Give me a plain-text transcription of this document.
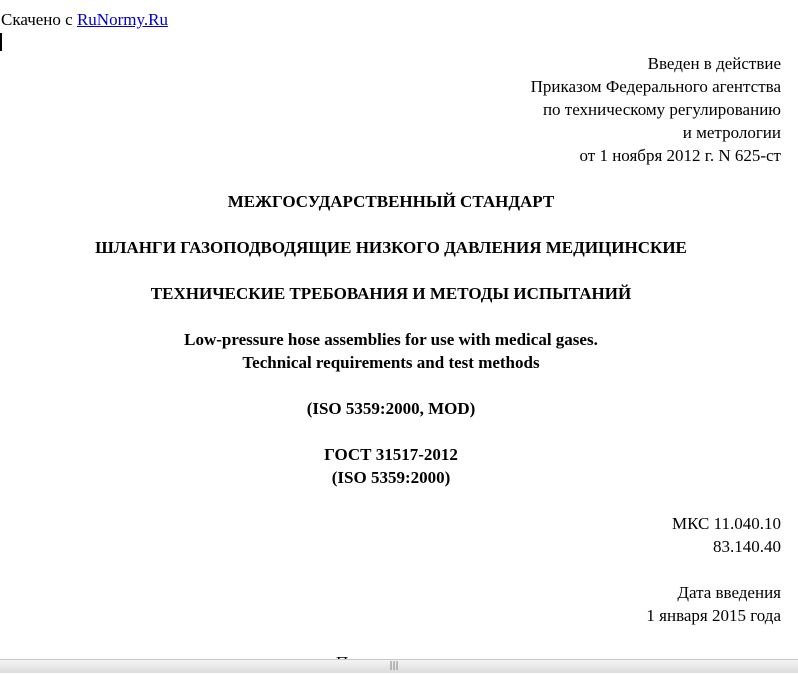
Скачено с RuNormy.Ru
Введен в действие
Приказом Федерального агентства
по техническому регулированию
и метрологии
от 1 ноября 2012 г. N 625-ст
МЕЖГОСУДАРСТВЕННЫЙ СТАНДАРТ
ШЛАНГИ ГАЗОПОДВОДЯЩИЕ НИЗКОГО ДАВЛЕНИЯ МЕДИЦИНСКИЕ
ТЕХНИЧЕСКИЕ ТРЕБОВАНИЯ И МЕТОДЫ ИСПЫТАНИЙ
Low-pressure hose assemblies for use with medical gases.
Technical requirements and test methods
(ISO 5359:2000, MOD)
ГОСТ 31517-2012
(ISO 5359:2000)
МКС 11.040.10
83.140.40
Дата введения
1 января 2015 года
|||
